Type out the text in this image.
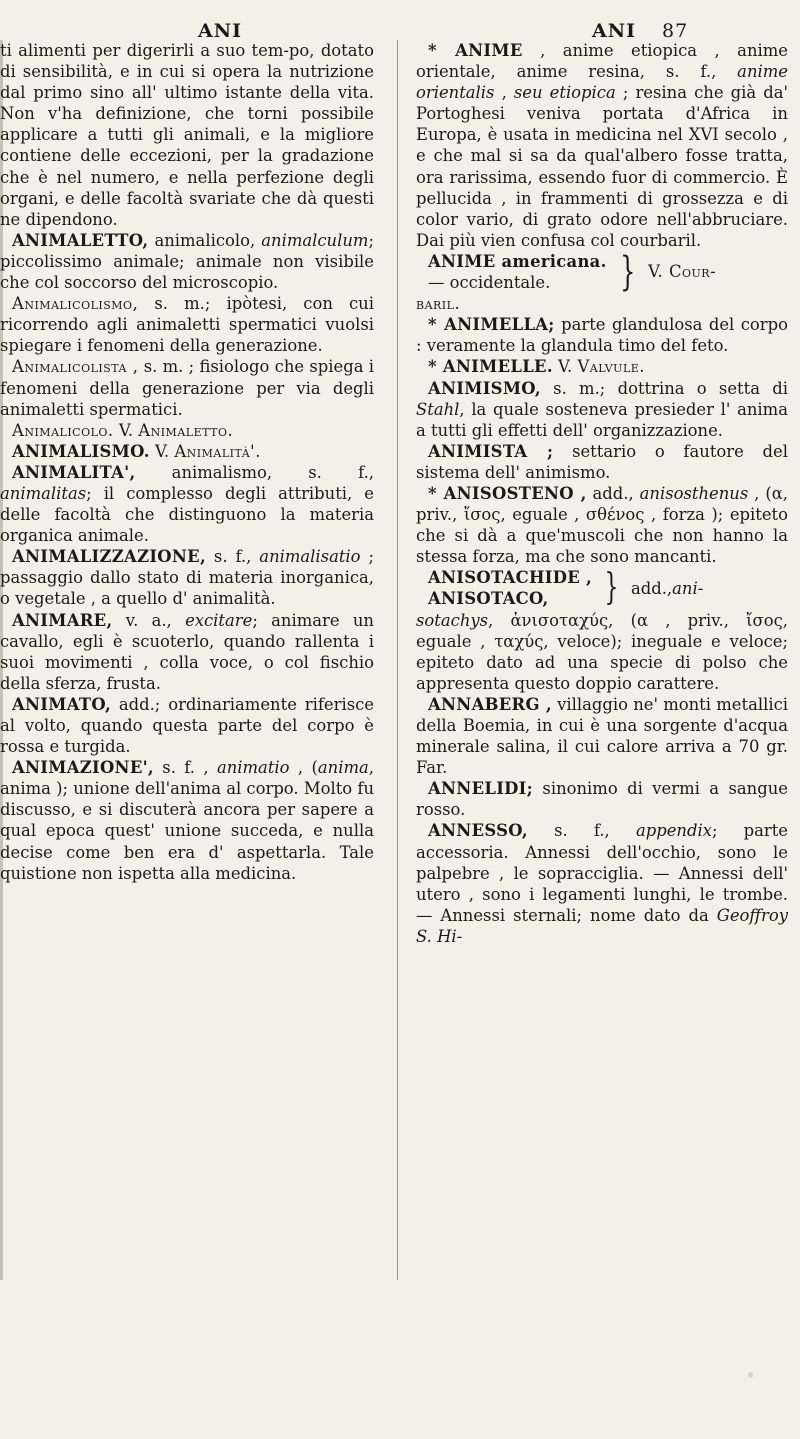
ANI	ANI 87

ti alimenti per digerirli a suo tem-po, dotato di sensibilità, e in cui si opera la nutrizione dal primo sino all' ultimo istante della vita. Non v'ha definizione, che torni possibile applicare a tutti gli animali, e la migliore contiene delle eccezioni, per la gradazione che è nel numero, e nella perfezione degli organi, e delle facoltà svariate che dà questi ne dipendono.

ANIMALETTO, animalicolo, animalculum; piccolissimo animale; animale non visibile che col soccorso del microscopio.

Animalicolismo, s. m.; ipòtesi, con cui ricorrendo agli animaletti spermatici vuolsi spiegare i fenomeni della generazione.

Animalicolista , s. m. ; fisiologo che spiega i fenomeni della generazione per via degli animaletti spermatici.

Animalicolo. V. Animaletto.

ANIMALISMO. V. Animalità'.

ANIMALITA', animalismo, s. f., animalitas; il complesso degli attributi, e delle facoltà che distinguono la materia organica animale.

ANIMALIZZAZIONE, s. f., animalisatio ; passaggio dallo stato di materia inorganica, o vegetale , a quello d' animalità.

ANIMARE, v. a., excitare; animare un cavallo, egli è scuoterlo, quando rallenta i suoi movimenti , colla voce, o col fischio della sferza, frusta.

ANIMATO, add.; ordinariamente riferisce al volto, quando questa parte del corpo è rossa e turgida.

ANIMAZIONE', s. f. , animatio , (anima, anima ); unione dell'anima al corpo. Molto fu discusso, e si discuterà ancora per sapere a qual epoca quest' unione succeda, e nulla decise come ben era d' aspettarla. Tale quistione non ispetta alla medicina.

* ANIME , anime etiopica , anime orientale, anime resina, s. f., anime orientalis , seu etiopica ; resina che già da' Portoghesi veniva portata d'Africa in Europa, è usata in medicina nel XVI secolo , e che mal si sa da qual'albero fosse tratta, ora rarissima, essendo fuor di commercio. È pellucida , in frammenti di grossezza e di color vario, di grato odore nell'abbruciare. Dai più vien confusa col courbaril.

ANIME americana.
— occidentale.	} V. Cour-

baril.

* ANIMELLA; parte glandulosa del corpo : veramente la glandula timo del feto.

* ANIMELLE. V. Valvule.

ANIMISMO, s. m.; dottrina o setta di Stahl, la quale sosteneva presieder l' anima a tutti gli effetti dell' organizzazione.

ANIMISTA ; settario o fautore del sistema dell' animismo.

* ANISOSTENO , add., anisosthenus , (α, priv., ἴσος, eguale , σθένος , forza ); epiteto che si dà a que'muscoli che non hanno la stessa forza, ma che sono mancanti.

ANISOTACHIDE ,
ANISOTACO,	} add., ani-

sotachys, ἀνισοταχύς, (α , priv., ἴσος, eguale , ταχύς, veloce); ineguale e veloce; epiteto dato ad una specie di polso che appresenta questo doppio carattere.

ANNABERG , villaggio ne' monti metallici della Boemia, in cui è una sorgente d'acqua minerale salina, il cui calore arriva a 70 gr. Far.

ANNELIDI; sinonimo di vermi a sangue rosso.

ANNESSO, s. f., appendix; parte accessoria. Annessi dell'occhio, sono le palpebre , le sopracciglia. — Annessi dell' utero , sono i legamenti lunghi, le trombe. — Annessi sternali; nome dato da Geoffroy S. Hi-
